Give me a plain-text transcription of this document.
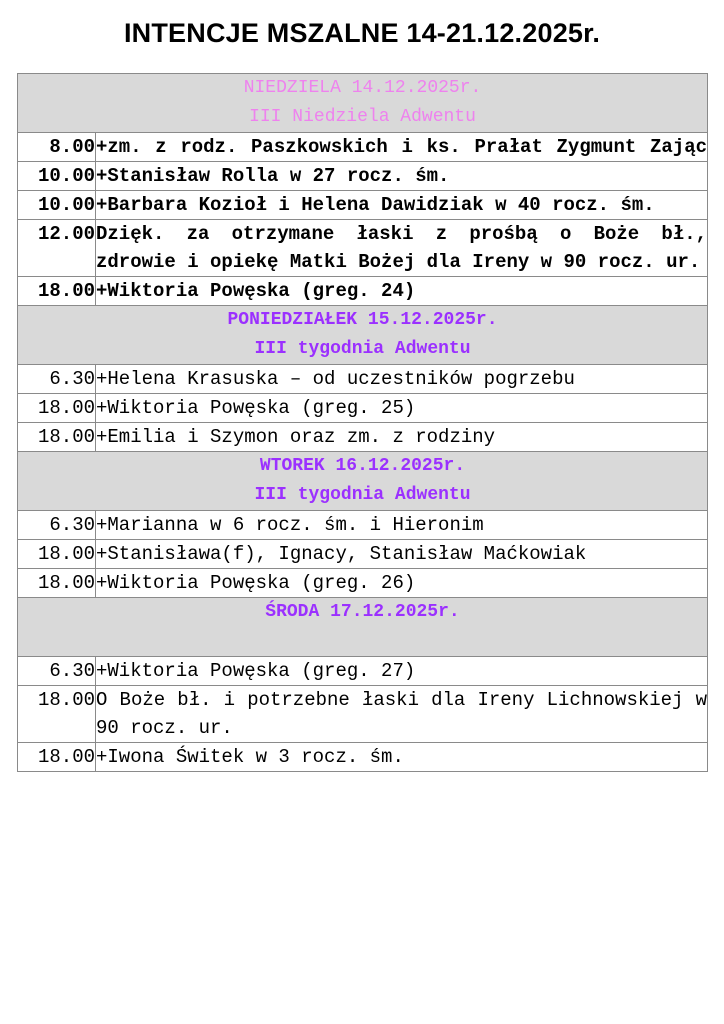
INTENCJE MSZALNE 14-21.12.2025r.
NIEDZIELA 14.12.2025r.
III Niedziela Adwentu	

8.00	+zm. z rodz. Paszkowskich i ks. Prałat Zygmunt Zając

10.00	+Stanisław Rolla w 27 rocz. śm.
10.00	+Barbara Kozioł i Helena Dawidziak w 40 rocz. śm.
12.00	Dzięk. za otrzymane łaski z prośbą o Boże bł., zdrowie i opiekę Matki Bożej dla Ireny w 90 rocz. ur.
18.00	+Wiktoria Powęska (greg. 24)

PONIEDZIAŁEK 15.12.2025r.
III tygodnia Adwentu	

6.30	+Helena Krasuska – od uczestników pogrzebu
18.00	+Wiktoria Powęska (greg. 25)
18.00	+Emilia i Szymon oraz zm. z rodziny

WTOREK 16.12.2025r.
III tygodnia Adwentu	

6.30	+Marianna w 6 rocz. śm. i Hieronim
18.00	+Stanisława(f), Ignacy, Stanisław Maćkowiak
18.00	+Wiktoria Powęska (greg. 26)

ŚRODA 17.12.2025r.	

6.30	+Wiktoria Powęska (greg. 27)
18.00	O Boże bł. i potrzebne łaski dla Ireny Lichnowskiej w 90 rocz. ur.
18.00	+Iwona Świtek w 3 rocz. śm.
